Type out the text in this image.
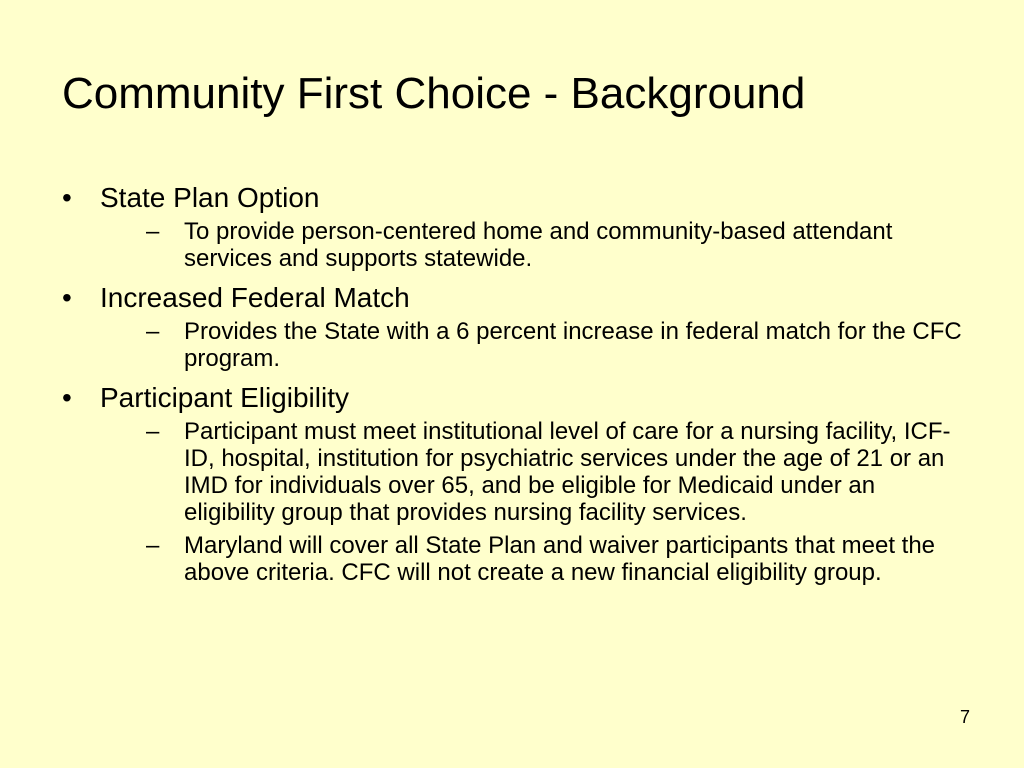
Community First Choice - Background
• State Plan Option
– To provide person-centered home and community-based attendant services and supports statewide.
• Increased Federal Match
– Provides the State with a 6 percent increase in federal match for the CFC program.
• Participant Eligibility
– Participant must meet institutional level of care for a nursing facility, ICF-ID, hospital, institution for psychiatric services under the age of 21 or an IMD for individuals over 65, and be eligible for Medicaid under an eligibility group that provides nursing facility services.
– Maryland will cover all State Plan and waiver participants that meet the above criteria. CFC will not create a new financial eligibility group.
7
